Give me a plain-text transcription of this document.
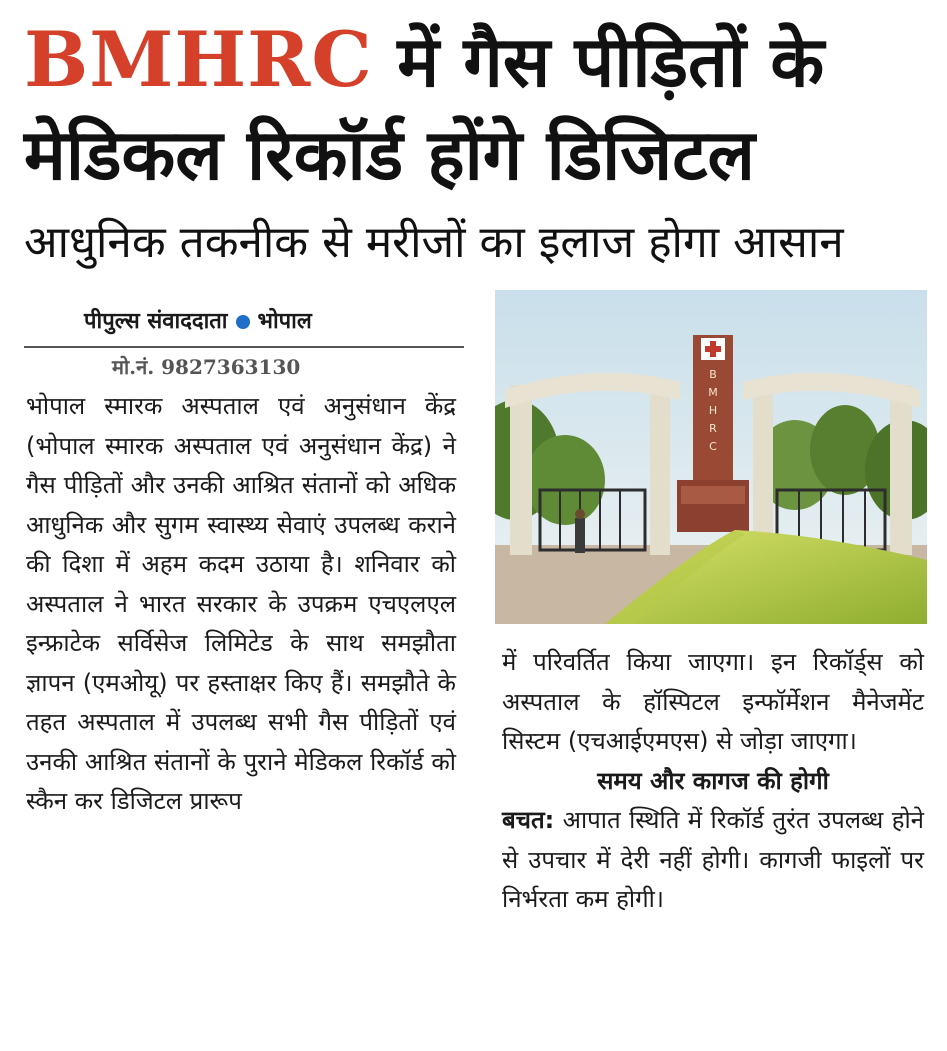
BMHRC में गैस पीड़ितों के
मेडिकल रिकॉर्ड होंगे डिजिटल
आधुनिक तकनीक से मरीजों का इलाज होगा आसान
पीपुल्स संवाददाता भोपाल
मो.नं. 9827363130
भोपाल स्मारक अस्पताल एवं अनुसंधान केंद्र (भोपाल स्मारक अस्पताल एवं अनुसंधान केंद्र) ने गैस पीड़ितों और उनकी आश्रित संतानों को अधिक आधुनिक और सुगम स्वास्थ्य सेवाएं उपलब्ध कराने की दिशा में अहम कदम उठाया है। शनिवार को अस्पताल ने भारत सरकार के उपक्रम एचएलएल इन्फ्राटेक सर्विसेज लिमिटेड के साथ समझौता ज्ञापन (एमओयू) पर हस्ताक्षर किए हैं। समझौते के तहत अस्पताल में उपलब्ध सभी गैस पीड़ितों एवं उनकी आश्रित संतानों के पुराने मेडिकल रिकॉर्ड को स्कैन कर डिजिटल प्रारूप
B
M
H
R
C
में परिवर्तित किया जाएगा। इन रिकॉर्ड्स को अस्पताल के हॉस्पिटल इन्फॉर्मेशन मैनेजमेंट सिस्टम (एचआईएमएस) से जोड़ा जाएगा।
समय और कागज की होगी
बचत: आपात स्थिति में रिकॉर्ड तुरंत उपलब्ध होने से उपचार में देरी नहीं होगी। कागजी फाइलों पर निर्भरता कम होगी।
